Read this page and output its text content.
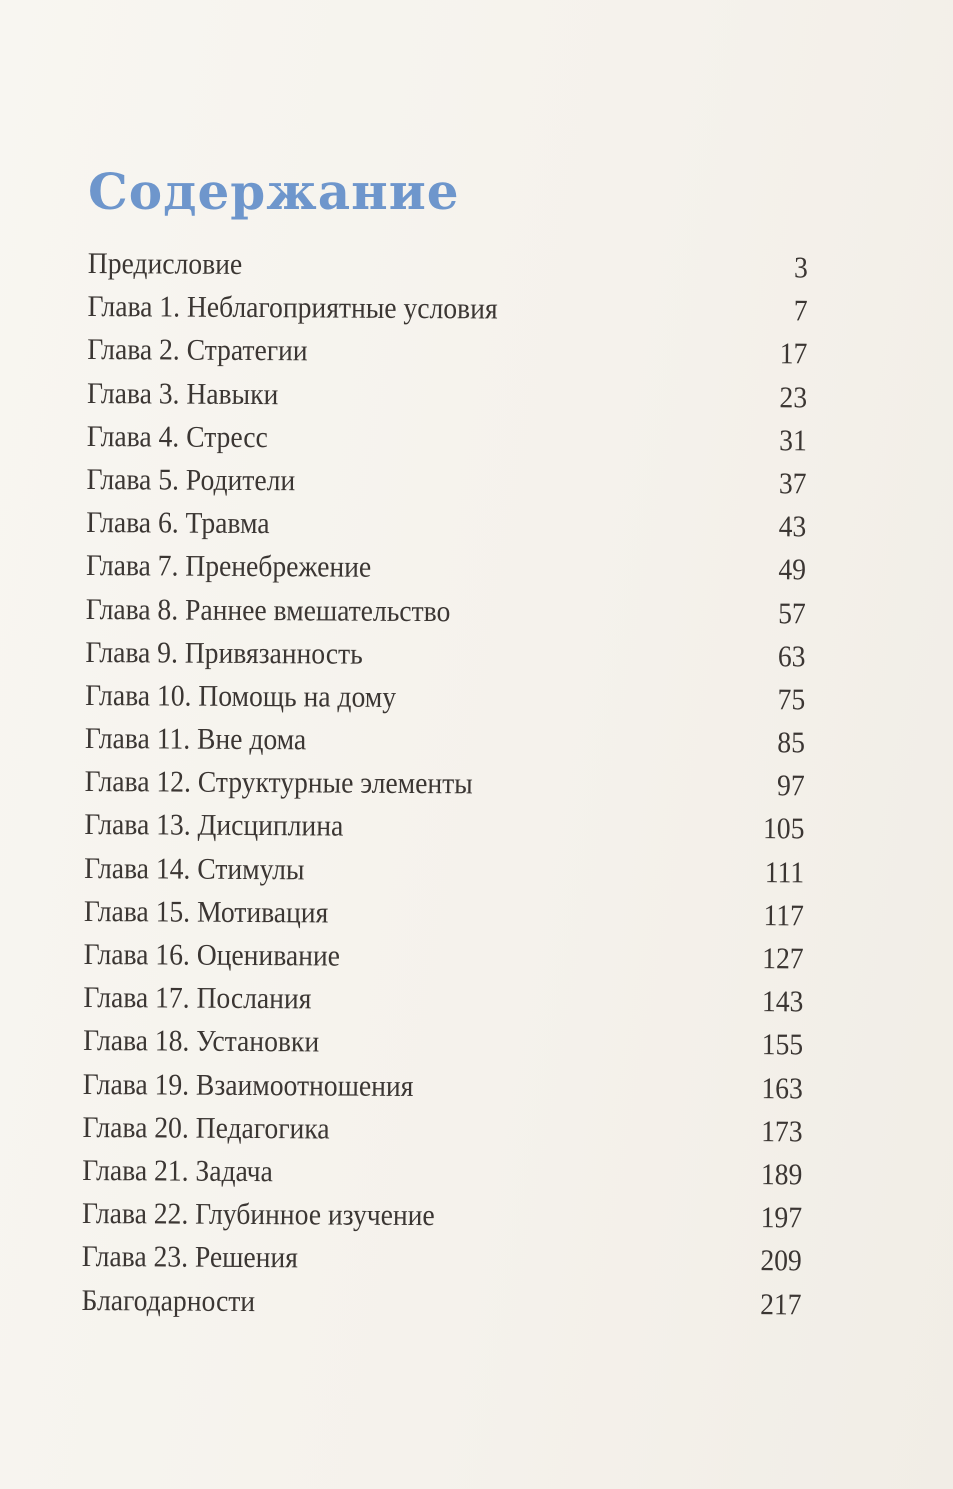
Содержание
Предисловие	3
Глава 1. Неблагоприятные условия	7
Глава 2. Стратегии	17
Глава 3. Навыки	23
Глава 4. Стресс	31
Глава 5. Родители	37
Глава 6. Травма	43
Глава 7. Пренебрежение	49
Глава 8. Раннее вмешательство	57
Глава 9. Привязанность	63
Глава 10. Помощь на дому	75
Глава 11. Вне дома	85
Глава 12. Структурные элементы	97
Глава 13. Дисциплина	105
Глава 14. Стимулы	111
Глава 15. Мотивация	117
Глава 16. Оценивание	127
Глава 17. Послания	143
Глава 18. Установки	155
Глава 19. Взаимоотношения	163
Глава 20. Педагогика	173
Глава 21. Задача	189
Глава 22. Глубинное изучение	197
Глава 23. Решения	209
Благодарности	217
